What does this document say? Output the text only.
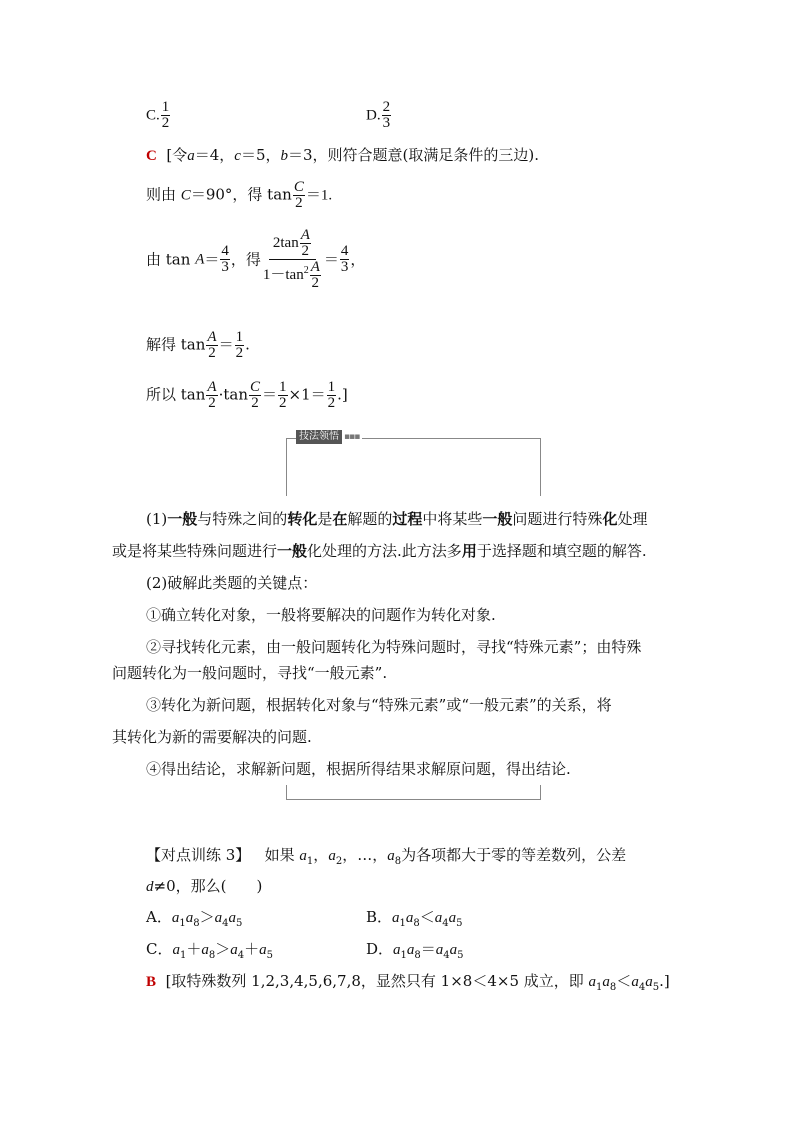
C. $\frac{1}{2}$	D. $\frac{2}{3}$
C [令a＝4，c＝5，b＝3，则符合题意(取满足条件的三边).
则由 C＝90°，得 $\tan \frac{C}{2} =1$.
由 $\tan A= \frac{4}{3}$ ，得 $\frac{2\tan \frac{A}{2}}{1-\tan^2 \frac{A}{2}} = \frac{4}{3}$ ，
解得 $\tan \frac{A}{2} = \frac{1}{2}$ .
所以 $\tan \frac{A}{2} \cdot\tan \frac{C}{2} = \frac{1}{2} \times 1= \frac{1}{2}$ .]
技法领悟 ▪▪▪
(1)一般与特殊之间的转化是在解题的过程中将某些一般问题进行特殊化处理
或是将某些特殊问题进行一般化处理的方法.此方法多用于选择题和填空题的解答.
(2)破解此类题的关键点：
①确立转化对象，一般将要解决的问题作为转化对象.
②寻找转化元素，由一般问题转化为特殊问题时，寻找“特殊元素”；由特殊
问题转化为一般问题时，寻找“一般元素”.
③转化为新问题，根据转化对象与“特殊元素”或“一般元素”的关系，将
其转化为新的需要解决的问题.
④得出结论，求解新问题，根据所得结果求解原问题，得出结论.
【对点训练 3】 如果 $a_1$，$a_2$，…，$a_8$为各项都大于零的等差数列，公差
d≠0，那么(　　)
A．$a_1a_8>a_4a_5$	B．$a_1a_8<a_4a_5$
C．$a_1+a_8>a_4+a_5$	D．$a_1a_8=a_4a_5$
B [取特殊数列 1,2,3,4,5,6,7,8，显然只有 1×8＜4×5 成立，即 $a_1a_8<a_4a_5$.]
